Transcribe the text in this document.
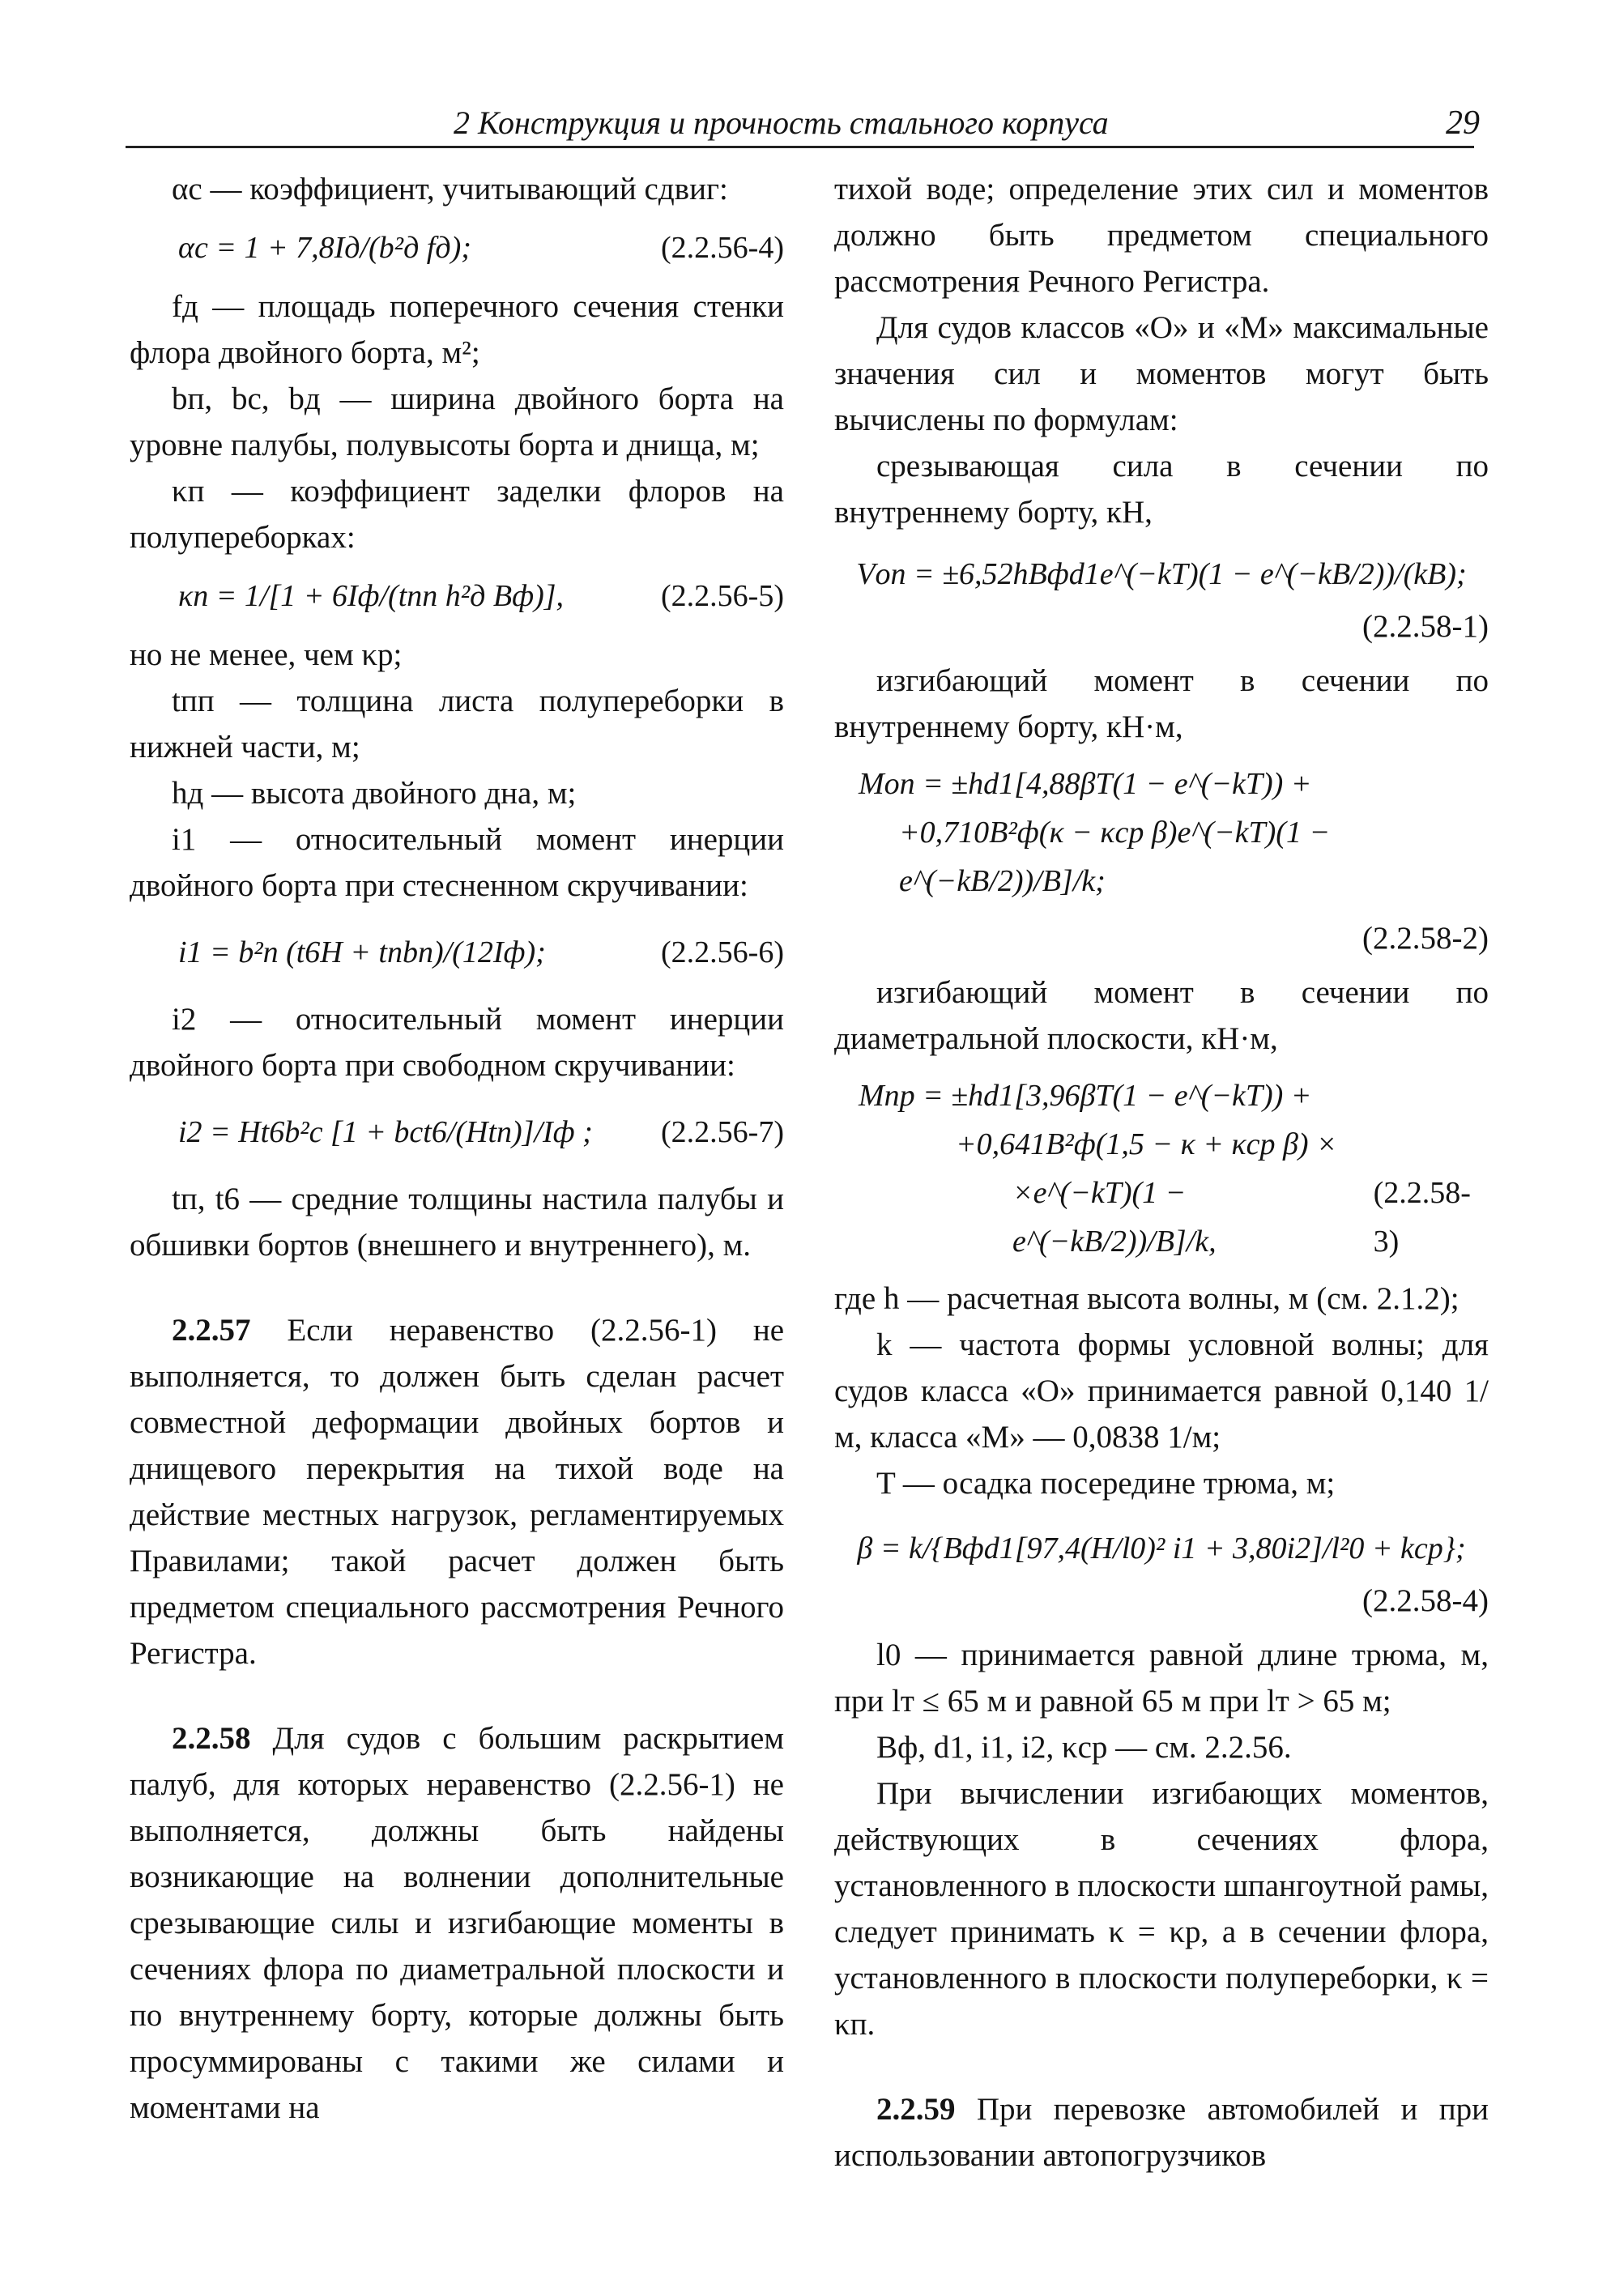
2 Конструкция и прочность стального корпуса	29

αc — коэффициент, учитывающий сдвиг:

αc = 1 + 7,8Iд/(b²д fд);	(2.2.56-4)

fд — площадь поперечного сечения стенки флора двойного борта, м²;

bп, bс, bд — ширина двойного борта на уровне палубы, полувысоты борта и днища, м;

κп — коэффициент заделки флоров на полупереборках:

κп = 1/[1 + 6Iф/(tпп h²д Bф)],	(2.2.56-5)

но не менее, чем κр;

tпп — толщина листа полупереборки в нижней части, м;

hд — высота двойного дна, м;

i1 — относительный момент инерции двойного борта при стесненном скручивании:

i1 = b²п (t6H + tпbп)/(12Iф);	(2.2.56-6)

i2 — относительный момент инерции двойного борта при свободном скручивании:

i2 = Ht6b²с [1 + bсt6/(Htп)]/Iф ; (2.2.56-7)

tп, t6 — средние толщины настила палубы и обшивки бортов (внешнего и внутреннего), м.

2.2.57 Если неравенство (2.2.56-1) не выполняется, то должен быть сделан расчет совместной деформации двойных бортов и днищевого перекрытия на тихой воде на действие местных нагрузок, регламентируемых Правилами; такой расчет должен быть предметом специального рассмотрения Речного Регистра.

2.2.58 Для судов с большим раскрытием палуб, для которых неравенство (2.2.56-1) не выполняется, должны быть найдены возникающие на волнении дополнительные срезывающие силы и изгибающие моменты в сечениях флора по диаметральной плоскости и по внутреннему борту, которые должны быть просуммированы с такими же силами и моментами на

тихой воде; определение этих сил и моментов должно быть предметом специального рассмотрения Речного Регистра.

Для судов классов «О» и «М» максимальные значения сил и моментов могут быть вычислены по формулам:

срезывающая сила в сечении по внутреннему борту, кН,

Vоп = ±6,52hBфd1e^(−kT)(1 − e^(−kB/2))/(kB);
(2.2.58-1)

изгибающий момент в сечении по внутреннему борту, кН·м,

Mоп = ±hd1[4,88βT(1 − e^(−kT)) +
+0,710B²ф(κ − κср β)e^(−kT)(1 − e^(−kB/2))/B]/k;
(2.2.58-2)

изгибающий момент в сечении по диаметральной плоскости, кН·м,

Mпр = ±hd1[3,96βT(1 − e^(−kT)) +
+0,641B²ф(1,5 − κ + κср β) ×
×e^(−kT)(1 − e^(−kB/2))/B]/k,
(2.2.58-3)

где h — расчетная высота волны, м (см. 2.1.2);

k — частота формы условной волны; для судов класса «О» принимается равной 0,140 1/м, класса «М» — 0,0838 1/м;

T — осадка посередине трюма, м;

β = k/{Bфd1[97,4(H/l0)² i1 + 3,80i2]/l²0 + kср};
(2.2.58-4)

l0 — принимается равной длине трюма, м, при lт ≤ 65 м и равной 65 м при lт > 65 м;

Bф, d1, i1, i2, κср — см. 2.2.56.

При вычислении изгибающих моментов, действующих в сечениях флора, установленного в плоскости шпангоутной рамы, следует принимать κ = κр, а в сечении флора, установленного в плоскости полупереборки, κ = κп.

2.2.59 При перевозке автомобилей и при использовании автопогрузчиков
